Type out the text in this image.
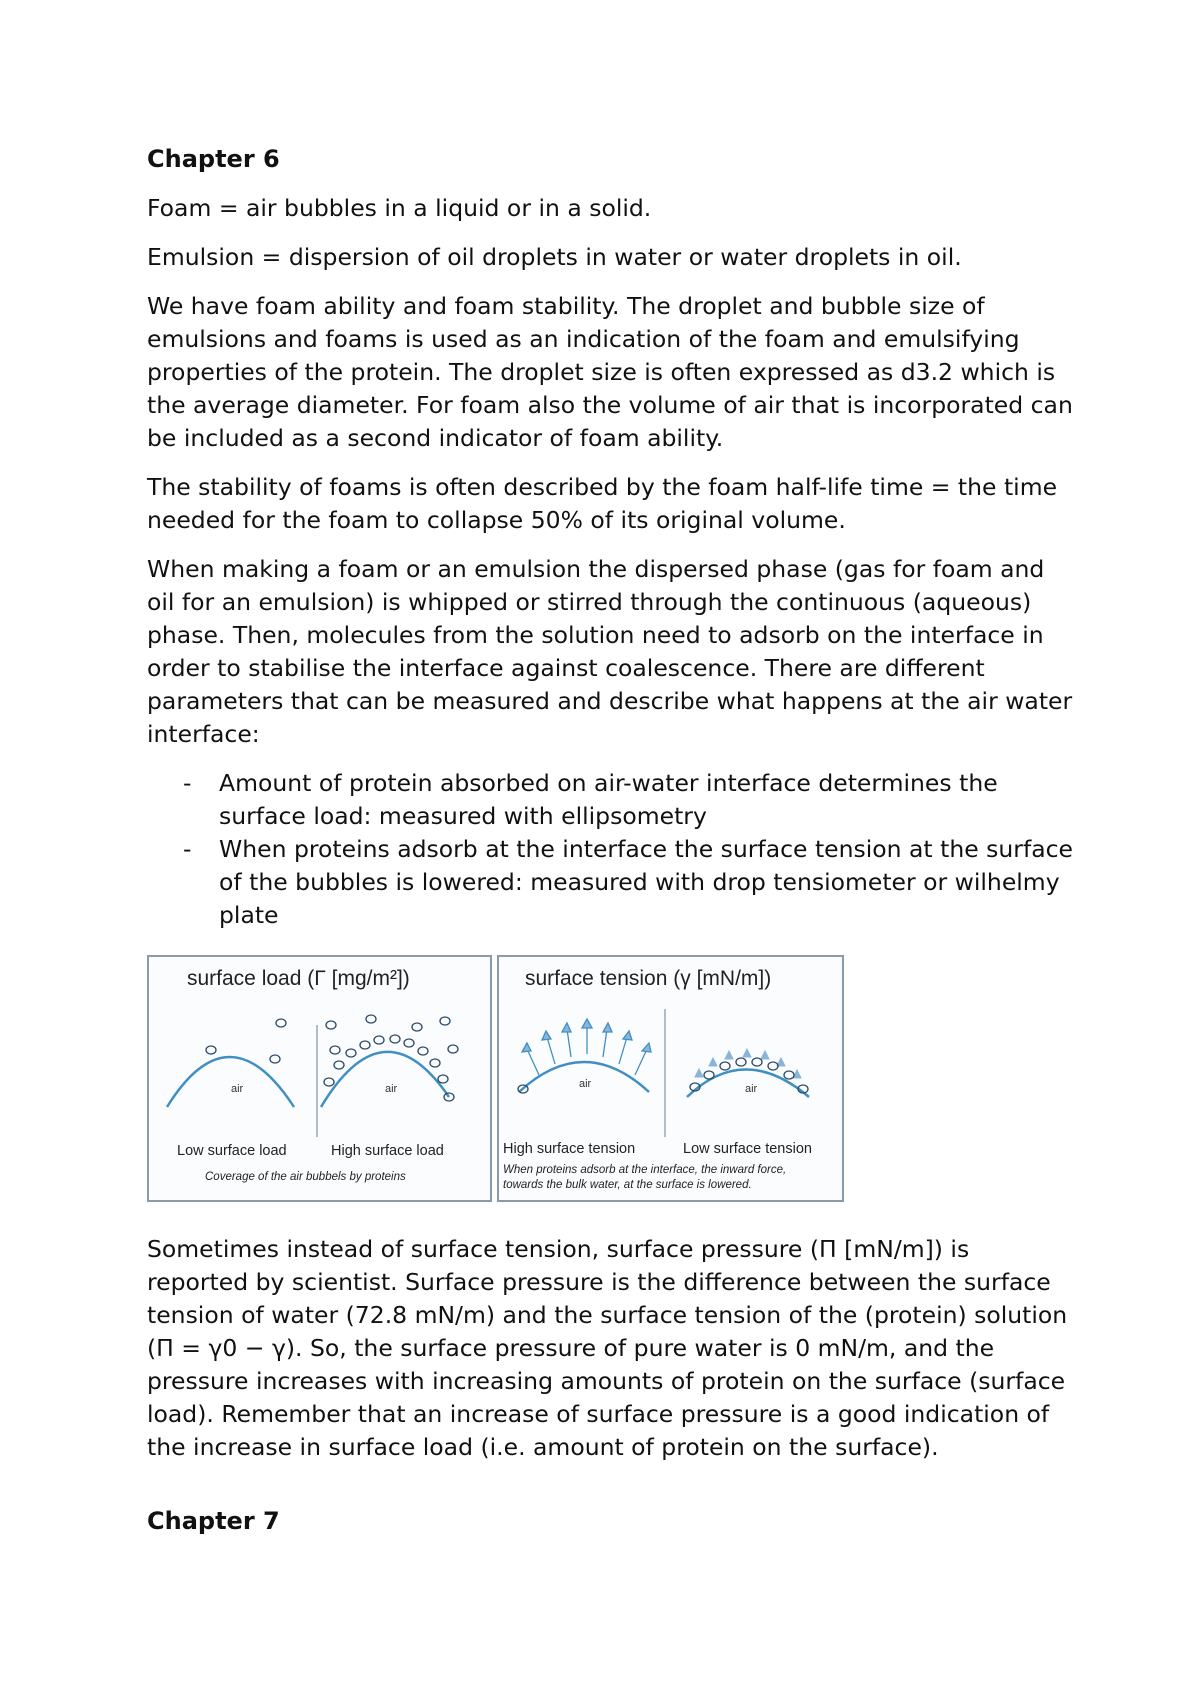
Chapter 6
Foam = air bubbles in a liquid or in a solid.
Emulsion = dispersion of oil droplets in water or water droplets in oil.
We have foam ability and foam stability. The droplet and bubble size of emulsions and foams is used as an indication of the foam and emulsifying properties of the protein. The droplet size is often expressed as d3.2 which is the average diameter. For foam also the volume of air that is incorporated can be included as a second indicator of foam ability.
The stability of foams is often described by the foam half-life time = the time needed for the foam to collapse 50% of its original volume.
When making a foam or an emulsion the dispersed phase (gas for foam and oil for an emulsion) is whipped or stirred through the continuous (aqueous) phase. Then, molecules from the solution need to adsorb on the interface in order to stabilise the interface against coalescence. There are different parameters that can be measured and describe what happens at the air water interface:
- Amount of protein absorbed on air-water interface determines the surface load: measured with ellipsometry
- When proteins adsorb at the interface the surface tension at the surface of the bubbles is lowered: measured with drop tensiometer or wilhelmy plate
air	air
surface load (Γ [mg/m²])
Low surface load	High surface load
Coverage of the air bubbels by proteins
air	air
surface tension (γ [mN/m])
High surface tension	Low surface tension
When proteins adsorb at the interface, the inward force,
towards the bulk water, at the surface is lowered.
Sometimes instead of surface tension, surface pressure (Π [mN/m]) is reported by scientist. Surface pressure is the difference between the surface tension of water (72.8 mN/m) and the surface tension of the (protein) solution (Π = γ0 − γ). So, the surface pressure of pure water is 0 mN/m, and the pressure increases with increasing amounts of protein on the surface (surface load). Remember that an increase of surface pressure is a good indication of the increase in surface load (i.e. amount of protein on the surface).
Chapter 7
